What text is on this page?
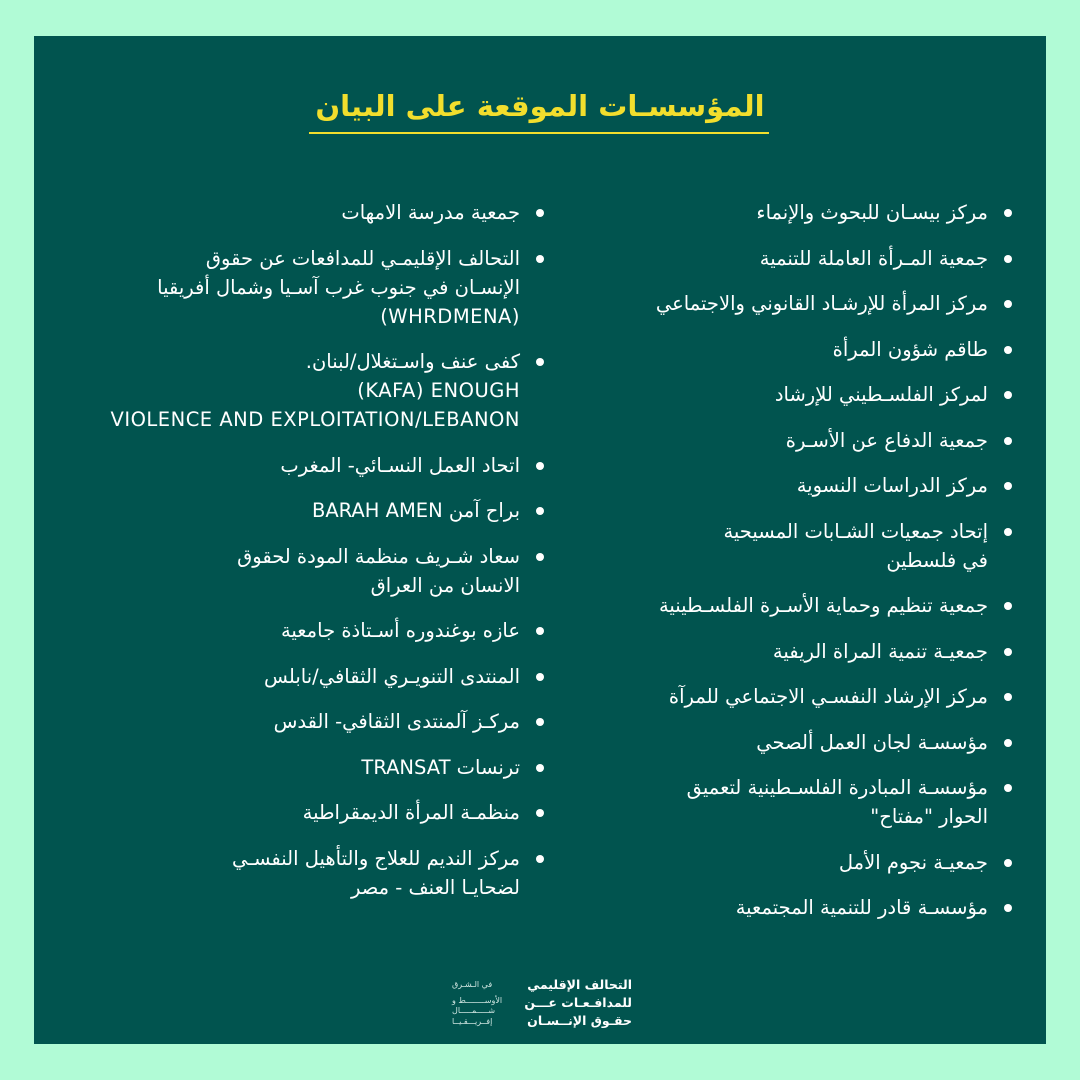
المؤسسـات الموقعة على البيان
مركز بيسـان للبحوث والإنماء
جمعية المـرأة العاملة للتنمية
مركز المرأة للإرشـاد القانوني والاجتماعي
طاقم شؤون المرأة
لمركز الفلسـطيني للإرشاد
جمعية الدفاع عن الأسـرة
مركز الدراسات النسوية
إتحاد جمعيات الشـابات المسيحية
في فلسطين
جمعية تنظيم وحماية الأسـرة الفلسـطينية
جمعيـة تنمية المراة الريفية
مركز الإرشاد النفسـي الاجتماعي للمرآة
مؤسسـة لجان العمل ألصحي
مؤسسـة المبادرة الفلسـطينية لتعميق
الحوار "مفتاح"
جمعيـة نجوم الأمل
مؤسسـة قادر للتنمية المجتمعية
جمعية مدرسة الامهات
التحالف الإقليمـي للمدافعات عن حقوق
الإنسـان في جنوب غرب آسـيا وشمال أفريقيا
(WHRDMENA)
كفى عنف واسـتغلال/لبنان.
(KAFA) ENOUGH
VIOLENCE AND EXPLOITATION/LEBANON
اتحاد العمل النسـائي- المغرب
براح آمن BARAH AMEN
سعاد شـريف منظمة المودة لحقوق
الانسان من العراق
عازه بوغندوره أسـتاذة جامعية
المنتدى التنويـري الثقافي/نابلس
مركـز آلمنتدى الثقافي- القدس
ترنسات TRANSAT
منظمـة المرأة الديمقراطية
مركز النديم للعلاج والتأهيل النفسـي
لضحايـا العنف - مصر
التحالف الإقليمي
للمدافـعـات عـــن
حقـوق الإنــسـان
في الـشـرق
الأوســــــــط و
شـــــمـــــال
إفــريـــقـيــا
